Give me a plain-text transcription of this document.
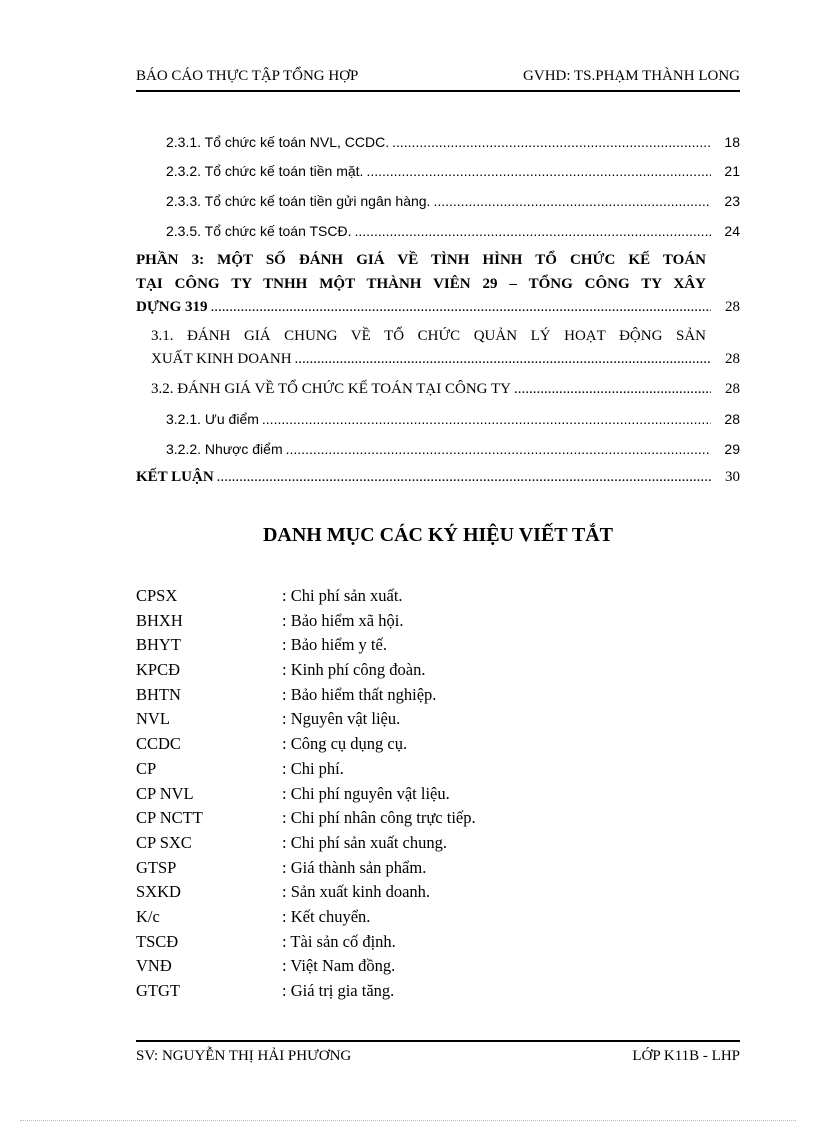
BÁO CÁO THỰC TẬP TỔNG HỢP	GVHD: TS.PHẠM THÀNH LONG
2.3.1. Tổ chức kế toán NVL, CCDC. .....	18
2.3.2. Tổ chức kế toán tiền mặt. .....	21
2.3.3. Tổ chức kế toán tiền gửi ngân hàng. .....	23
2.3.5. Tổ chức kế toán TSCĐ. .....	24
PHẦN 3: MỘT SỐ ĐÁNH GIÁ VỀ TÌNH HÌNH TỔ CHỨC KẾ TOÁN
TẠI CÔNG TY TNHH MỘT THÀNH VIÊN 29 – TỔNG CÔNG TY XÂY
DỰNG 319 .....	28
3.1. ĐÁNH GIÁ CHUNG VỀ TỔ CHỨC QUẢN LÝ HOẠT ĐỘNG SẢN
XUẤT KINH DOANH .....	28
3.2. ĐÁNH GIÁ VỀ TỔ CHỨC KẾ TOÁN TẠI CÔNG TY .....	28
3.2.1. Ưu điểm .....	28
3.2.2. Nhược điểm .....	29
KẾT LUẬN .....	30
DANH MỤC CÁC KÝ HIỆU VIẾT TẮT
CPSX	: Chi phí sản xuất.
BHXH	: Bảo hiểm xã hội.
BHYT	: Bảo hiểm y tế.
KPCĐ	: Kinh phí công đoàn.
BHTN	: Bảo hiểm thất nghiệp.
NVL	: Nguyên vật liệu.
CCDC	: Công cụ dụng cụ.
CP	: Chi phí.
CP NVL	: Chi phí nguyên vật liệu.
CP NCTT	: Chi phí nhân công trực tiếp.
CP SXC	: Chi phí sản xuất chung.
GTSP	: Giá thành sản phẩm.
SXKD	: Sản xuất kinh doanh.
K/c	: Kết chuyển.
TSCĐ	: Tài sản cố định.
VNĐ	: Việt Nam đồng.
GTGT	: Giá trị gia tăng.
SV: NGUYỄN THỊ HẢI PHƯƠNG	LỚP K11B - LHP
